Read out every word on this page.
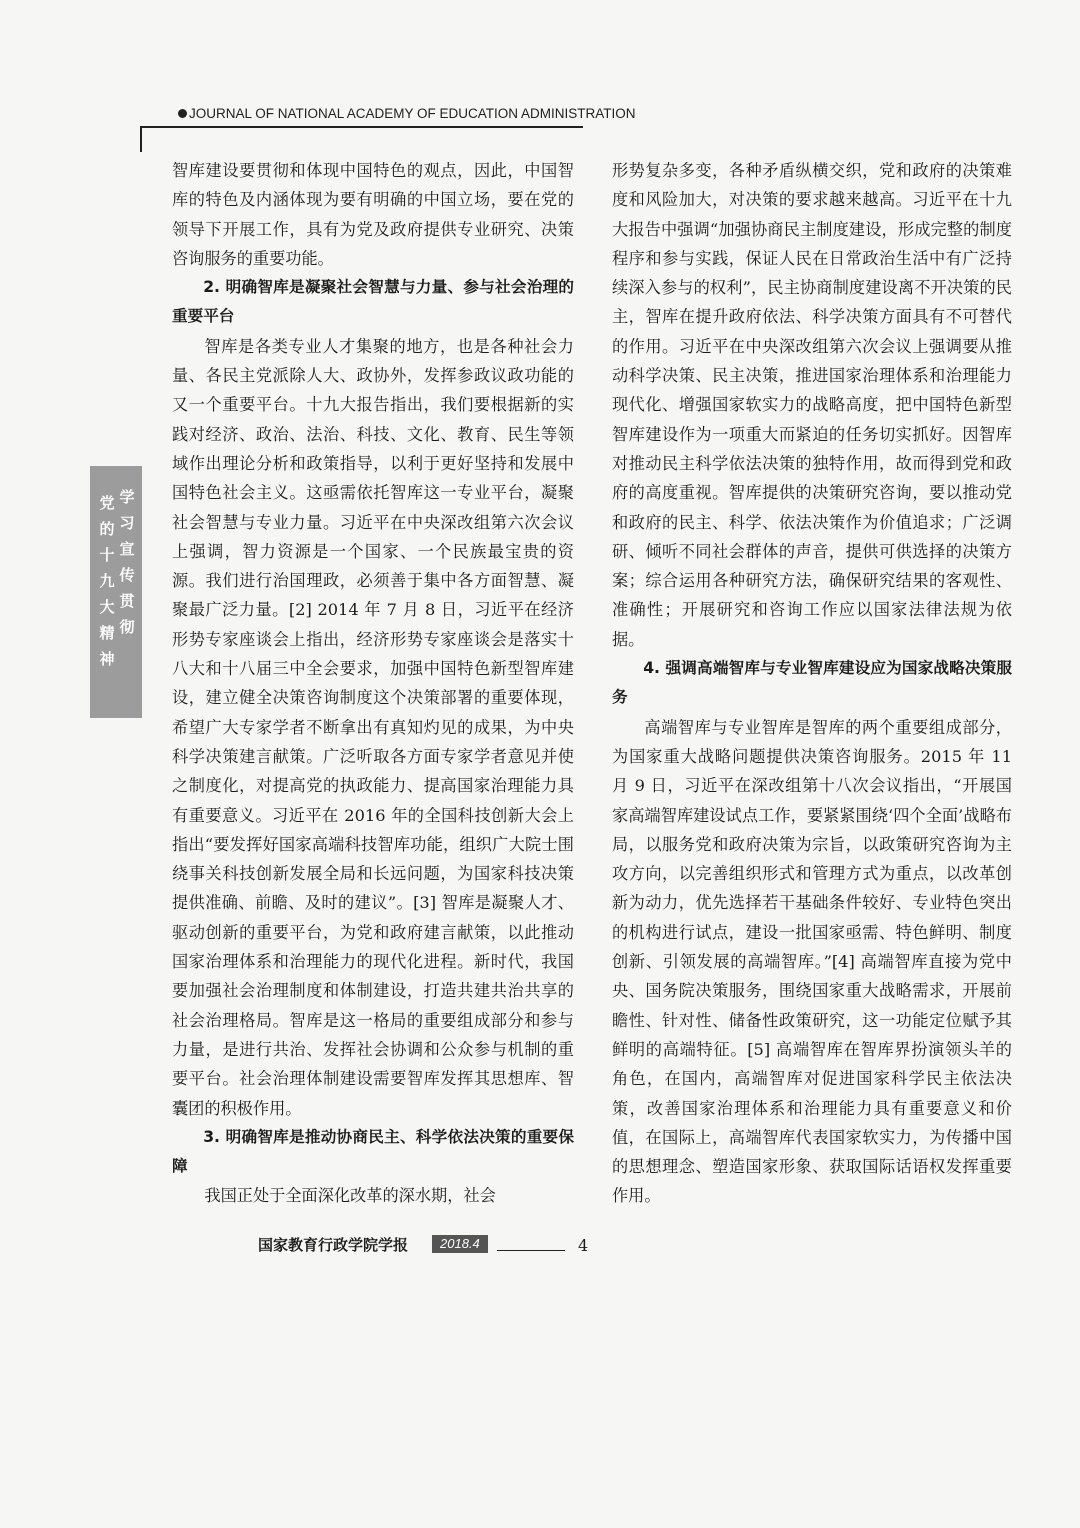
JOURNAL OF NATIONAL ACADEMY OF EDUCATION ADMINISTRATION
学习宣传贯彻
党的十九大精神

智库建设要贯彻和体现中国特色的观点，因此，中国智库的特色及内涵体现为要有明确的中国立场，要在党的领导下开展工作，具有为党及政府提供专业研究、决策咨询服务的重要功能。

2. 明确智库是凝聚社会智慧与力量、参与社会治理的重要平台

智库是各类专业人才集聚的地方，也是各种社会力量、各民主党派除人大、政协外，发挥参政议政功能的又一个重要平台。十九大报告指出，我们要根据新的实践对经济、政治、法治、科技、文化、教育、民生等领域作出理论分析和政策指导，以利于更好坚持和发展中国特色社会主义。这亟需依托智库这一专业平台，凝聚社会智慧与专业力量。习近平在中央深改组第六次会议上强调，智力资源是一个国家、一个民族最宝贵的资源。我们进行治国理政，必须善于集中各方面智慧、凝聚最广泛力量。[2] 2014 年 7 月 8 日，习近平在经济形势专家座谈会上指出，经济形势专家座谈会是落实十八大和十八届三中全会要求，加强中国特色新型智库建设，建立健全决策咨询制度这个决策部署的重要体现，希望广大专家学者不断拿出有真知灼见的成果，为中央科学决策建言献策。广泛听取各方面专家学者意见并使之制度化，对提高党的执政能力、提高国家治理能力具有重要意义。习近平在 2016 年的全国科技创新大会上指出“要发挥好国家高端科技智库功能，组织广大院士围绕事关科技创新发展全局和长远问题，为国家科技决策提供准确、前瞻、及时的建议”。[3] 智库是凝聚人才、驱动创新的重要平台，为党和政府建言献策，以此推动国家治理体系和治理能力的现代化进程。新时代，我国要加强社会治理制度和体制建设，打造共建共治共享的社会治理格局。智库是这一格局的重要组成部分和参与力量，是进行共治、发挥社会协调和公众参与机制的重要平台。社会治理体制建设需要智库发挥其思想库、智囊团的积极作用。

3. 明确智库是推动协商民主、科学依法决策的重要保障

我国正处于全面深化改革的深水期，社会

形势复杂多变，各种矛盾纵横交织，党和政府的决策难度和风险加大，对决策的要求越来越高。习近平在十九大报告中强调“加强协商民主制度建设，形成完整的制度程序和参与实践，保证人民在日常政治生活中有广泛持续深入参与的权利”，民主协商制度建设离不开决策的民主，智库在提升政府依法、科学决策方面具有不可替代的作用。习近平在中央深改组第六次会议上强调要从推动科学决策、民主决策，推进国家治理体系和治理能力现代化、增强国家软实力的战略高度，把中国特色新型智库建设作为一项重大而紧迫的任务切实抓好。因智库对推动民主科学依法决策的独特作用，故而得到党和政府的高度重视。智库提供的决策研究咨询，要以推动党和政府的民主、科学、依法决策作为价值追求；广泛调研、倾听不同社会群体的声音，提供可供选择的决策方案；综合运用各种研究方法，确保研究结果的客观性、准确性；开展研究和咨询工作应以国家法律法规为依据。

4. 强调高端智库与专业智库建设应为国家战略决策服务

高端智库与专业智库是智库的两个重要组成部分，为国家重大战略问题提供决策咨询服务。2015 年 11 月 9 日，习近平在深改组第十八次会议指出，“开展国家高端智库建设试点工作，要紧紧围绕‘四个全面’战略布局，以服务党和政府决策为宗旨，以政策研究咨询为主攻方向，以完善组织形式和管理方式为重点，以改革创新为动力，优先选择若干基础条件较好、专业特色突出的机构进行试点，建设一批国家亟需、特色鲜明、制度创新、引领发展的高端智库。”[4] 高端智库直接为党中央、国务院决策服务，围绕国家重大战略需求，开展前瞻性、针对性、储备性政策研究，这一功能定位赋予其鲜明的高端特征。[5] 高端智库在智库界扮演领头羊的角色，在国内，高端智库对促进国家科学民主依法决策，改善国家治理体系和治理能力具有重要意义和价值，在国际上，高端智库代表国家软实力，为传播中国的思想理念、塑造国家形象、获取国际话语权发挥重要作用。

国家教育行政学院学报	2018.4	4
